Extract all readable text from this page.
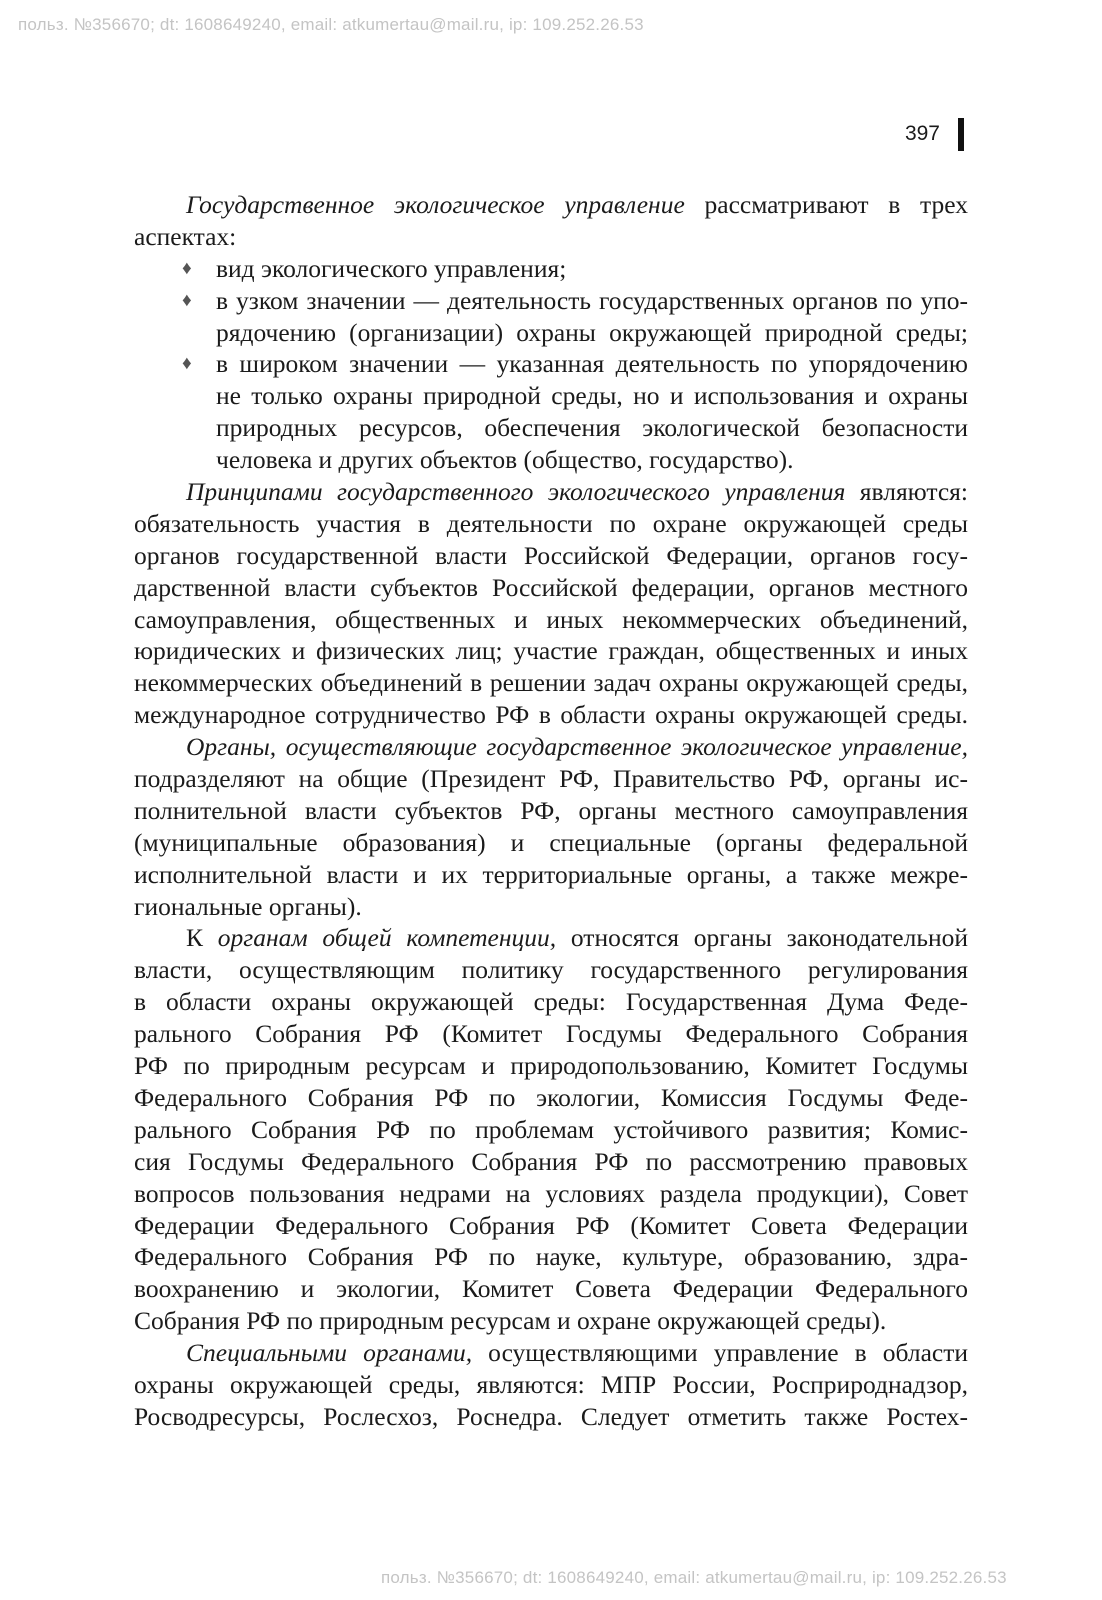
польз. №356670; dt: 1608649240, email: atkumertau@mail.ru, ip: 109.252.26.53
397
Государственное экологическое управление рассматривают в трех
аспектах:
♦ вид экологического управления;
♦ в узком значении — деятельность государственных органов по упо-
рядочению (организации) охраны окружающей природной среды;
♦ в широком значении — указанная деятельность по упорядочению
не только охраны природной среды, но и использования и охраны
природных ресурсов, обеспечения экологической безопасности
человека и других объектов (общество, государство).
Принципами государственного экологического управления являются:
обязательность участия в деятельности по охране окружающей среды
органов государственной власти Российской Федерации, органов госу-
дарственной власти субъектов Российской федерации, органов местного
самоуправления, общественных и иных некоммерческих объединений,
юридических и физических лиц; участие граждан, общественных и иных
некоммерческих объединений в решении задач охраны окружающей среды,
международное сотрудничество РФ в области охраны окружающей среды.
Органы, осуществляющие государственное экологическое управление,
подразделяют на общие (Президент РФ, Правительство РФ, органы ис-
полнительной власти субъектов РФ, органы местного самоуправления
(муниципальные образования) и специальные (органы федеральной
исполнительной власти и их территориальные органы, а также межре-
гиональные органы).
К органам общей компетенции, относятся органы законодательной
власти, осуществляющим политику государственного регулирования
в области охраны окружающей среды: Государственная Дума Феде-
рального Собрания РФ (Комитет Госдумы Федерального Собрания
РФ по природным ресурсам и природопользованию, Комитет Госдумы
Федерального Собрания РФ по экологии, Комиссия Госдумы Феде-
рального Собрания РФ по проблемам устойчивого развития; Комис-
сия Госдумы Федерального Собрания РФ по рассмотрению правовых
вопросов пользования недрами на условиях раздела продукции), Совет
Федерации Федерального Собрания РФ (Комитет Совета Федерации
Федерального Собрания РФ по науке, культуре, образованию, здра-
воохранению и экологии, Комитет Совета Федерации Федерального
Собрания РФ по природным ресурсам и охране окружающей среды).
Специальными органами, осуществляющими управление в области
охраны окружающей среды, являются: МПР России, Росприроднадзор,
Росводресурсы, Рослесхоз, Роснедра. Следует отметить также Ростех-
польз. №356670; dt: 1608649240, email: atkumertau@mail.ru, ip: 109.252.26.53
